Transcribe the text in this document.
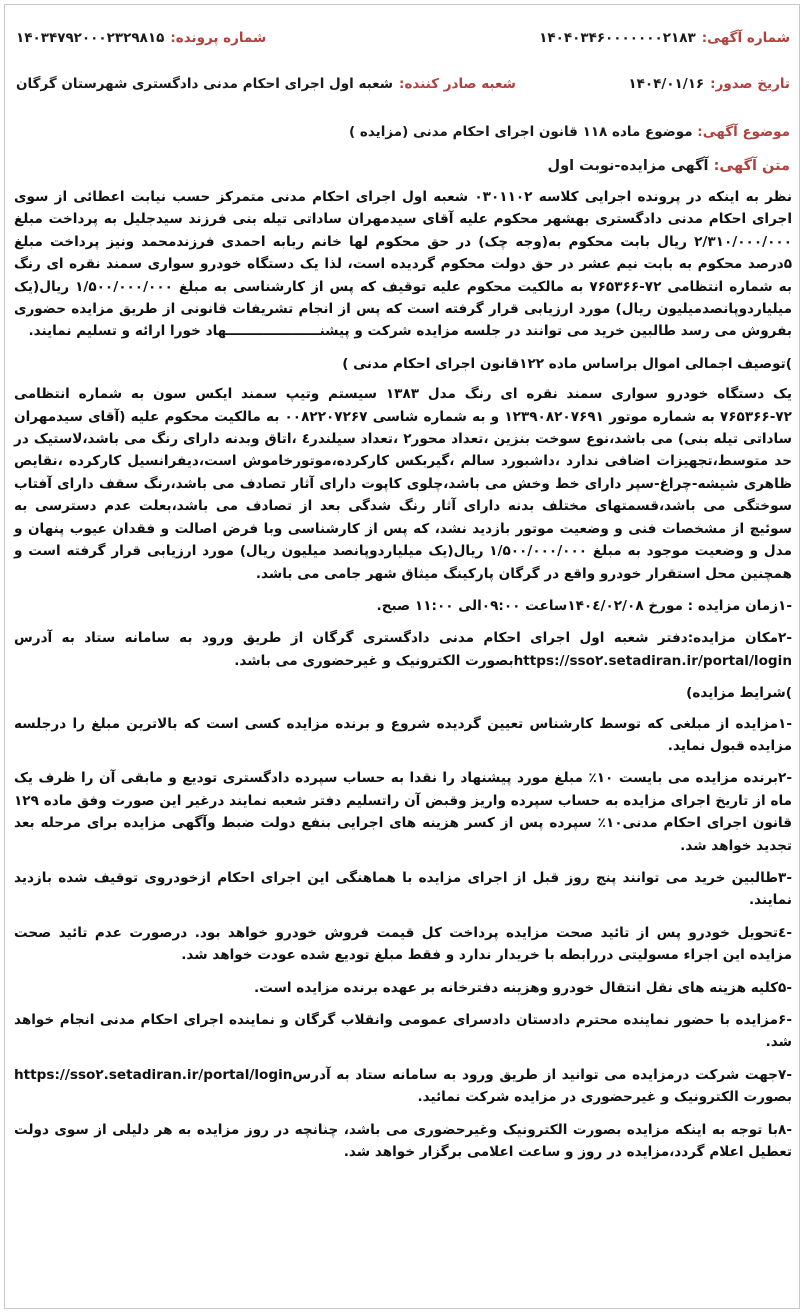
شماره آگهی:
۱۴۰۴۰۳۴۶۰۰۰۰۰۰۰۲۱۸۳
شماره پرونده:
۱۴۰۳۴۷۹۲۰۰۰۲۳۲۹۸۱۵
تاریخ صدور:
۱۴۰۴/۰۱/۱۶
شعبه صادر کننده:
شعبه اول اجرای احکام مدنی دادگستری شهرستان گرگان
موضوع آگهی: موضوع ماده ۱۱۸ قانون اجرای احکام مدنی (مزایده )
متن آگهی: آگهی مزایده-نوبت اول

نظر به اینکه در پرونده اجرایی کلاسه ۰۳۰۱۱۰۲ شعبه اول اجرای احکام مدنی متمرکز حسب نیابت اعطائی از سوی اجرای احکام مدنی دادگستری بهشهر محکوم علیه آقای سیدمهران ساداتی تیله بنی فرزند سیدجلیل به پرداخت مبلغ ۲/۳۱۰/۰۰۰/۰۰۰ ریال بابت محکوم به(وجه چک) در حق محکوم لها خانم ربابه احمدی فرزندمحمد ونیز پرداخت مبلغ ۵درصد محکوم به بابت نیم عشر در حق دولت محکوم گردیده است، لذا یک دستگاه خودرو سواری سمند نقره ای رنگ به شماره انتظامی ۷۲-۷۶۵۳۶۶ به مالکیت محکوم علیه توقیف که پس از کارشناسی به مبلغ ۱/۵۰۰/۰۰۰/۰۰۰ ریال(یک میلیاردوپانصدمیلیون ریال) مورد ارزیابی قرار گرفته است که پس از انجام تشریفات قانونی از طریق مزایده حضوری بفروش می رسد طالبین خرید می توانند در جلسه مزایده شرکت و پیشنــــــــــــــــــــهاد خورا ارائه و تسلیم نمایند.

)توصیف اجمالی اموال براساس ماده ۱۲۲قانون اجرای احکام مدنی )

یک دستگاه خودرو سواری سمند نقره ای رنگ مدل ۱۳۸۳ سیستم وتیپ سمند ایکس سون به شماره انتظامی ۷۲-۷۶۵۳۶۶ به شماره موتور ۱۲۳۹۰۸۲۰۷۶۹۱ و به شماره شاسی ۰۰۸۲۲۰۷۲۶۷ به مالکیت محکوم علیه (آقای سیدمهران ساداتی تیله بنی) می باشد،نوع سوخت بنزین ،تعداد محور۲ ،تعداد سیلندر٤ ،اتاق وبدنه دارای رنگ می باشد،لاستیک در حد متوسط،تجهیزات اضافی ندارد ،داشبورد سالم ،گیربکس کارکرده،موتورخاموش است،دیفرانسیل کارکرده ،نقایص ظاهری شیشه-چراغ-سپر دارای خط وخش می باشد،چلوی کاپوت دارای آثار تصادف می باشد،رنگ سقف دارای آفتاب سوختگی می باشد،قسمتهای مختلف بدنه دارای آثار رنگ شدگی بعد از تصادف می باشد،بعلت عدم دسترسی به سوئیچ از مشخصات فنی و وضعیت موتور بازدید نشد، که پس از کارشناسی وبا فرض اصالت و فقدان عیوب پنهان و مدل و وضعیت موجود به مبلغ ۱/۵۰۰/۰۰۰/۰۰۰ ریال(یک میلیاردوپانصد میلیون ریال) مورد ارزیابی قرار گرفته است و همچنین محل استقرار خودرو واقع در گرگان پارکینگ میثاق شهر جامی می باشد.

-۱زمان مزایده : مورخ ۱۴۰٤/۰۲/۰۸ساعت ۰۹:۰۰الی ۱۱:۰۰ صبح.

-۲مکان مزایده:دفتر شعبه اول اجرای احکام مدنی دادگستری گرگان از طریق ورود به سامانه ستاد به آدرس https://sso۲.setadiran.ir/portal/loginبصورت الکترونیک و غیرحضوری می باشد.

)شرایط مزایده)

-۱مزایده از مبلغی که توسط کارشناس تعیین گردیده شروع و برنده مزایده کسی است که بالاترین مبلغ را درجلسه مزایده قبول نماید.

-۲برنده مزایده می بایست ۱۰٪ مبلغ مورد پیشنهاد را نقدا به حساب سپرده دادگستری تودیع و مابقی آن را ظرف یک ماه از تاریخ اجرای مزایده به حساب سپرده واریز وقبض آن راتسلیم دفتر شعبه نمایند درغیر این صورت وفق ماده ۱۲۹ قانون اجرای احکام مدنی۱۰٪ سپرده پس از کسر هزینه های اجرایی بنفع دولت ضبط وآگهی مزایده برای مرحله بعد تجدید خواهد شد.

-۳طالبین خرید می توانند پنج روز قبل از اجرای مزایده با هماهنگی این اجرای احکام ازخودروی توقیف شده بازدید نمایند.

-٤تحویل خودرو پس از تائید صحت مزایده پرداخت کل قیمت فروش خودرو خواهد بود. درصورت عدم تائید صحت مزایده این اجراء مسولیتی دررابطه با خریدار ندارد و فقط مبلغ تودیع شده عودت خواهد شد.

-۵کلیه هزینه های نقل انتقال خودرو وهزینه دفترخانه بر عهده برنده مزایده است.

-۶مزایده با حضور نماینده محترم دادستان دادسرای عمومی وانقلاب گرگان و نماینده اجرای احکام مدنی انجام خواهد شد.

-۷جهت شرکت درمزایده می توانید از طریق ورود به سامانه ستاد به آدرسhttps://sso۲.setadiran.ir/portal/login بصورت الکترونیک و غیرحضوری در مزایده شرکت نمائید.

-۸با توجه به اینکه مزایده بصورت الکترونیک وغیرحضوری می باشد، چنانچه در روز مزایده به هر دلیلی از سوی دولت تعطیل اعلام گردد،مزایده در روز و ساعت اعلامی برگزار خواهد شد.
